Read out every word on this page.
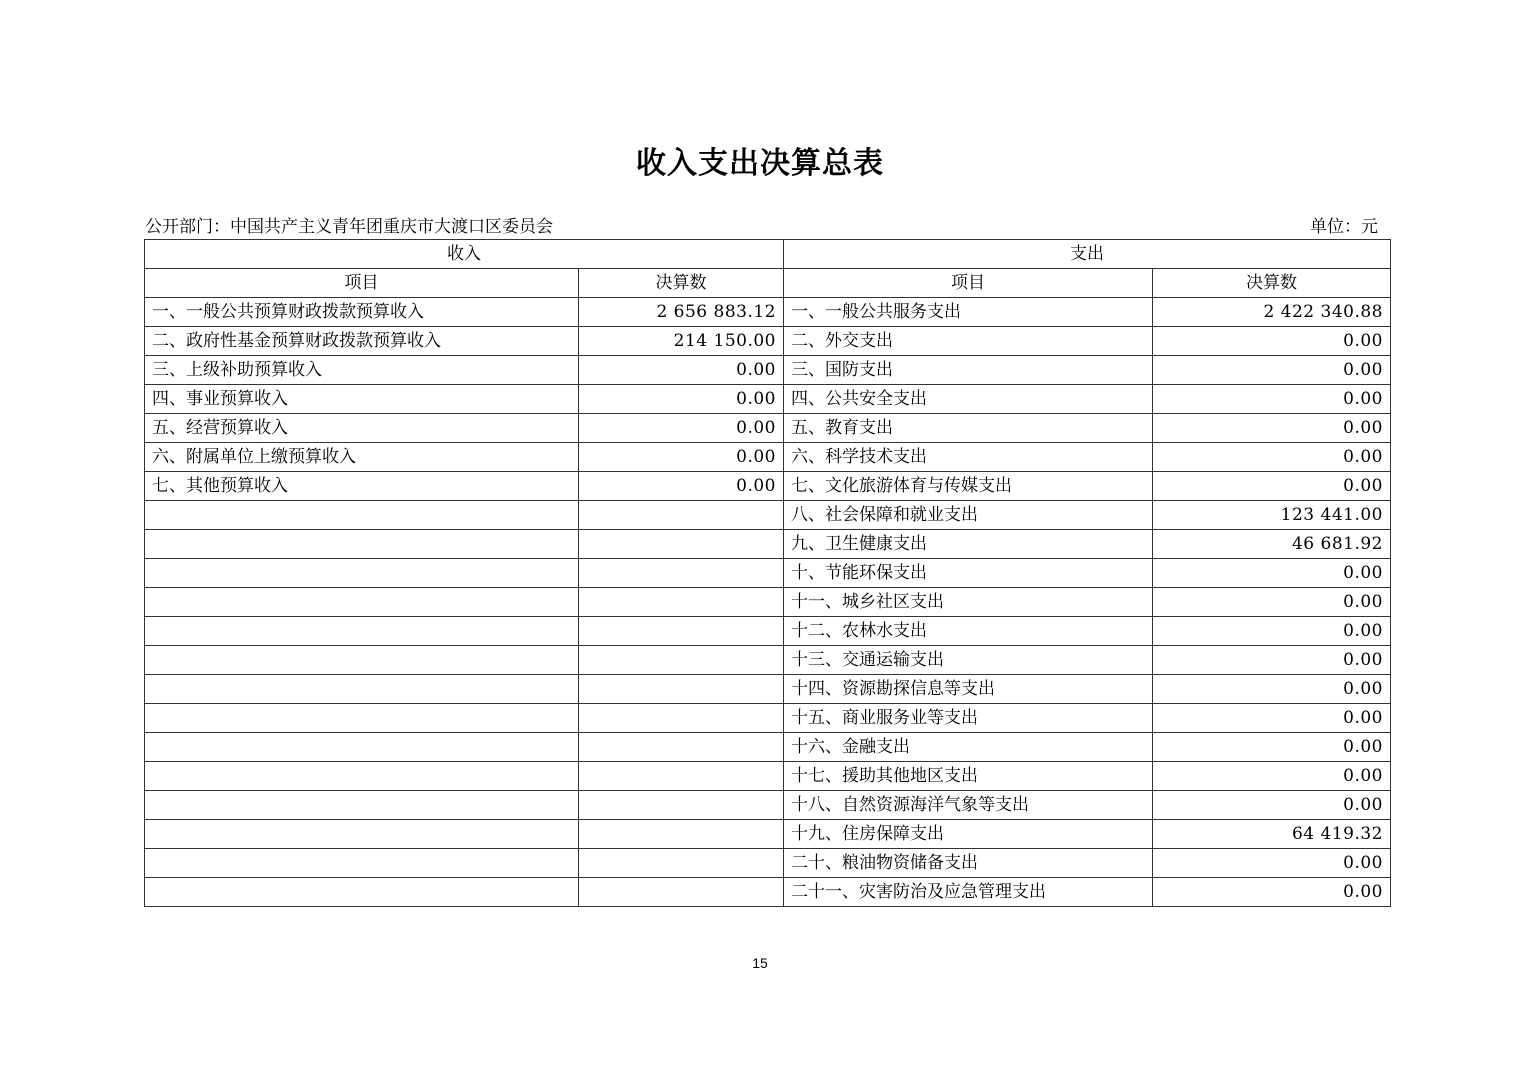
收入支出决算总表
公开部门：中国共产主义青年团重庆市大渡口区委员会	单位：元
收入		支出	
项目	决算数	项目	决算数
一、一般公共预算财政拨款预算收入	2 656 883.12	一、一般公共服务支出	2 422 340.88
二、政府性基金预算财政拨款预算收入	214 150.00	二、外交支出	0.00
三、上级补助预算收入	0.00	三、国防支出	0.00
四、事业预算收入	0.00	四、公共安全支出	0.00
五、经营预算收入	0.00	五、教育支出	0.00
六、附属单位上缴预算收入	0.00	六、科学技术支出	0.00
七、其他预算收入	0.00	七、文化旅游体育与传媒支出	0.00
		八、社会保障和就业支出	123 441.00
		九、卫生健康支出	46 681.92
		十、节能环保支出	0.00
		十一、城乡社区支出	0.00
		十二、农林水支出	0.00
		十三、交通运输支出	0.00
		十四、资源勘探信息等支出	0.00
		十五、商业服务业等支出	0.00
		十六、金融支出	0.00
		十七、援助其他地区支出	0.00
		十八、自然资源海洋气象等支出	0.00
		十九、住房保障支出	64 419.32
		二十、粮油物资储备支出	0.00
		二十一、灾害防治及应急管理支出	0.00
15
